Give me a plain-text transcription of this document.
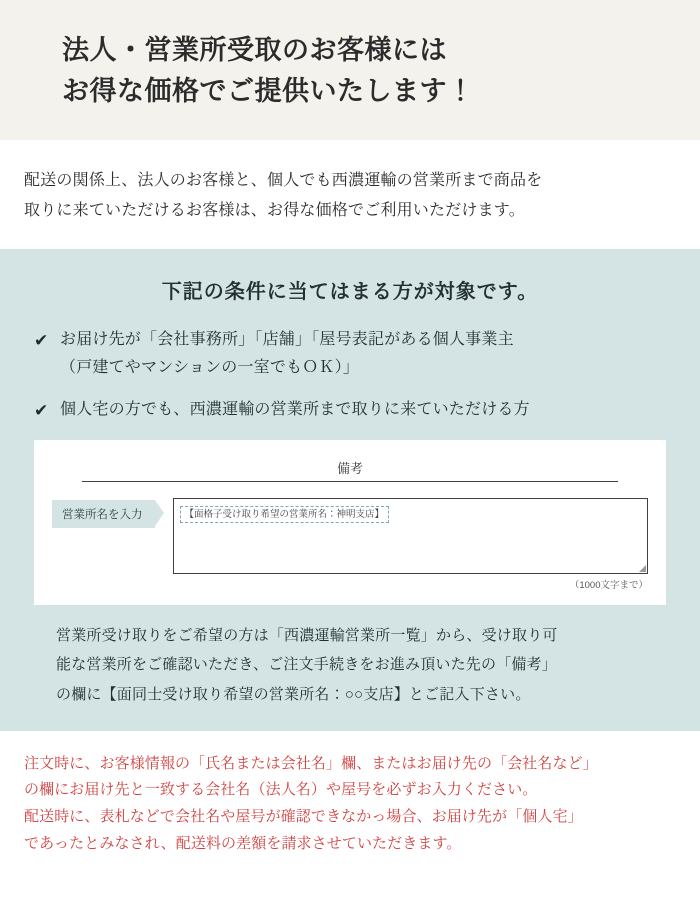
法人・営業所受取のお客様には
お得な価格でご提供いたします！

配送の関係上、法人のお客様と、個人でも西濃運輸の営業所まで商品を

取りに来ていただけるお客様は、お得な価格でご利用いただけます。

下記の条件に当てはまる方が対象です。
✔ お届け先が「会社事務所」「店舗」「屋号表記がある個人事業主
（戸建てやマンションの一室でもＯＫ）」
✔ 個人宅の方でも、西濃運輸の営業所まで取りに来ていただける方
備考
営業所名を入力	【面格子受け取り希望の営業所名：神明支店】
（1000文字まで）
営業所受け取りをご希望の方は「西濃運輸営業所一覧」から、受け取り可
能な営業所をご確認いただき、ご注文手続きをお進み頂いた先の「備考」
の欄に【面同士受け取り希望の営業所名：○○支店】とご記入下さい。

注文時に、お客様情報の「氏名または会社名」欄、またはお届け先の「会社名など」

の欄にお届け先と一致する会社名（法人名）や屋号を必ずお入力ください。

配送時に、表札などで会社名や屋号が確認できなかっ場合、お届け先が「個人宅」

であったとみなされ、配送料の差額を請求させていただきます。
